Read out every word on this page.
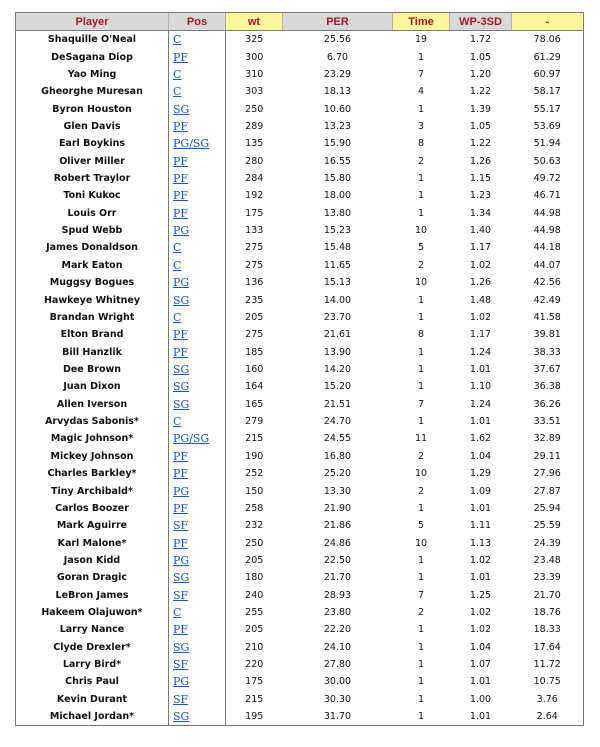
Player	Pos	wt	PER	Time	WP-3SD	-
Shaquille O'Neal	C	325	25.56	19	1.72	78.06
DeSagana Diop	PF	300	6.70	1	1.05	61.29
Yao Ming	C	310	23.29	7	1.20	60.97
Gheorghe Muresan	C	303	18.13	4	1.22	58.17
Byron Houston	SG	250	10.60	1	1.39	55.17
Glen Davis	PF	289	13.23	3	1.05	53.69
Earl Boykins	PG/SG	135	15.90	8	1.22	51.94
Oliver Miller	PF	280	16.55	2	1.26	50.63
Robert Traylor	PF	284	15.80	1	1.15	49.72
Toni Kukoc	PF	192	18.00	1	1.23	46.71
Louis Orr	PF	175	13.80	1	1.34	44.98
Spud Webb	PG	133	15.23	10	1.40	44.98
James Donaldson	C	275	15.48	5	1.17	44.18
Mark Eaton	C	275	11.65	2	1.02	44.07
Muggsy Bogues	PG	136	15.13	10	1.26	42.56
Hawkeye Whitney	SG	235	14.00	1	1.48	42.49
Brandan Wright	C	205	23.70	1	1.02	41.58
Elton Brand	PF	275	21.61	8	1.17	39.81
Bill Hanzlik	PF	185	13.90	1	1.24	38.33
Dee Brown	SG	160	14.20	1	1.01	37.67
Juan Dixon	SG	164	15.20	1	1.10	36.38
Allen Iverson	SG	165	21.51	7	1.24	36.26
Arvydas Sabonis*	C	279	24.70	1	1.01	33.51
Magic Johnson*	PG/SG	215	24.55	11	1.62	32.89
Mickey Johnson	PF	190	16.80	2	1.04	29.11
Charles Barkley*	PF	252	25.20	10	1.29	27.96
Tiny Archibald*	PG	150	13.30	2	1.09	27.87
Carlos Boozer	PF	258	21.90	1	1.01	25.94
Mark Aguirre	SF	232	21.86	5	1.11	25.59
Karl Malone*	PF	250	24.86	10	1.13	24.39
Jason Kidd	PG	205	22.50	1	1.02	23.48
Goran Dragic	SG	180	21.70	1	1.01	23.39
LeBron James	SF	240	28.93	7	1.25	21.70
Hakeem Olajuwon*	C	255	23.80	2	1.02	18.76
Larry Nance	PF	205	22.20	1	1.02	18.33
Clyde Drexler*	SG	210	24.10	1	1.04	17.64
Larry Bird*	SF	220	27.80	1	1.07	11.72
Chris Paul	PG	175	30.00	1	1.01	10.75
Kevin Durant	SF	215	30.30	1	1.00	3.76
Michael Jordan*	SG	195	31.70	1	1.01	2.64
